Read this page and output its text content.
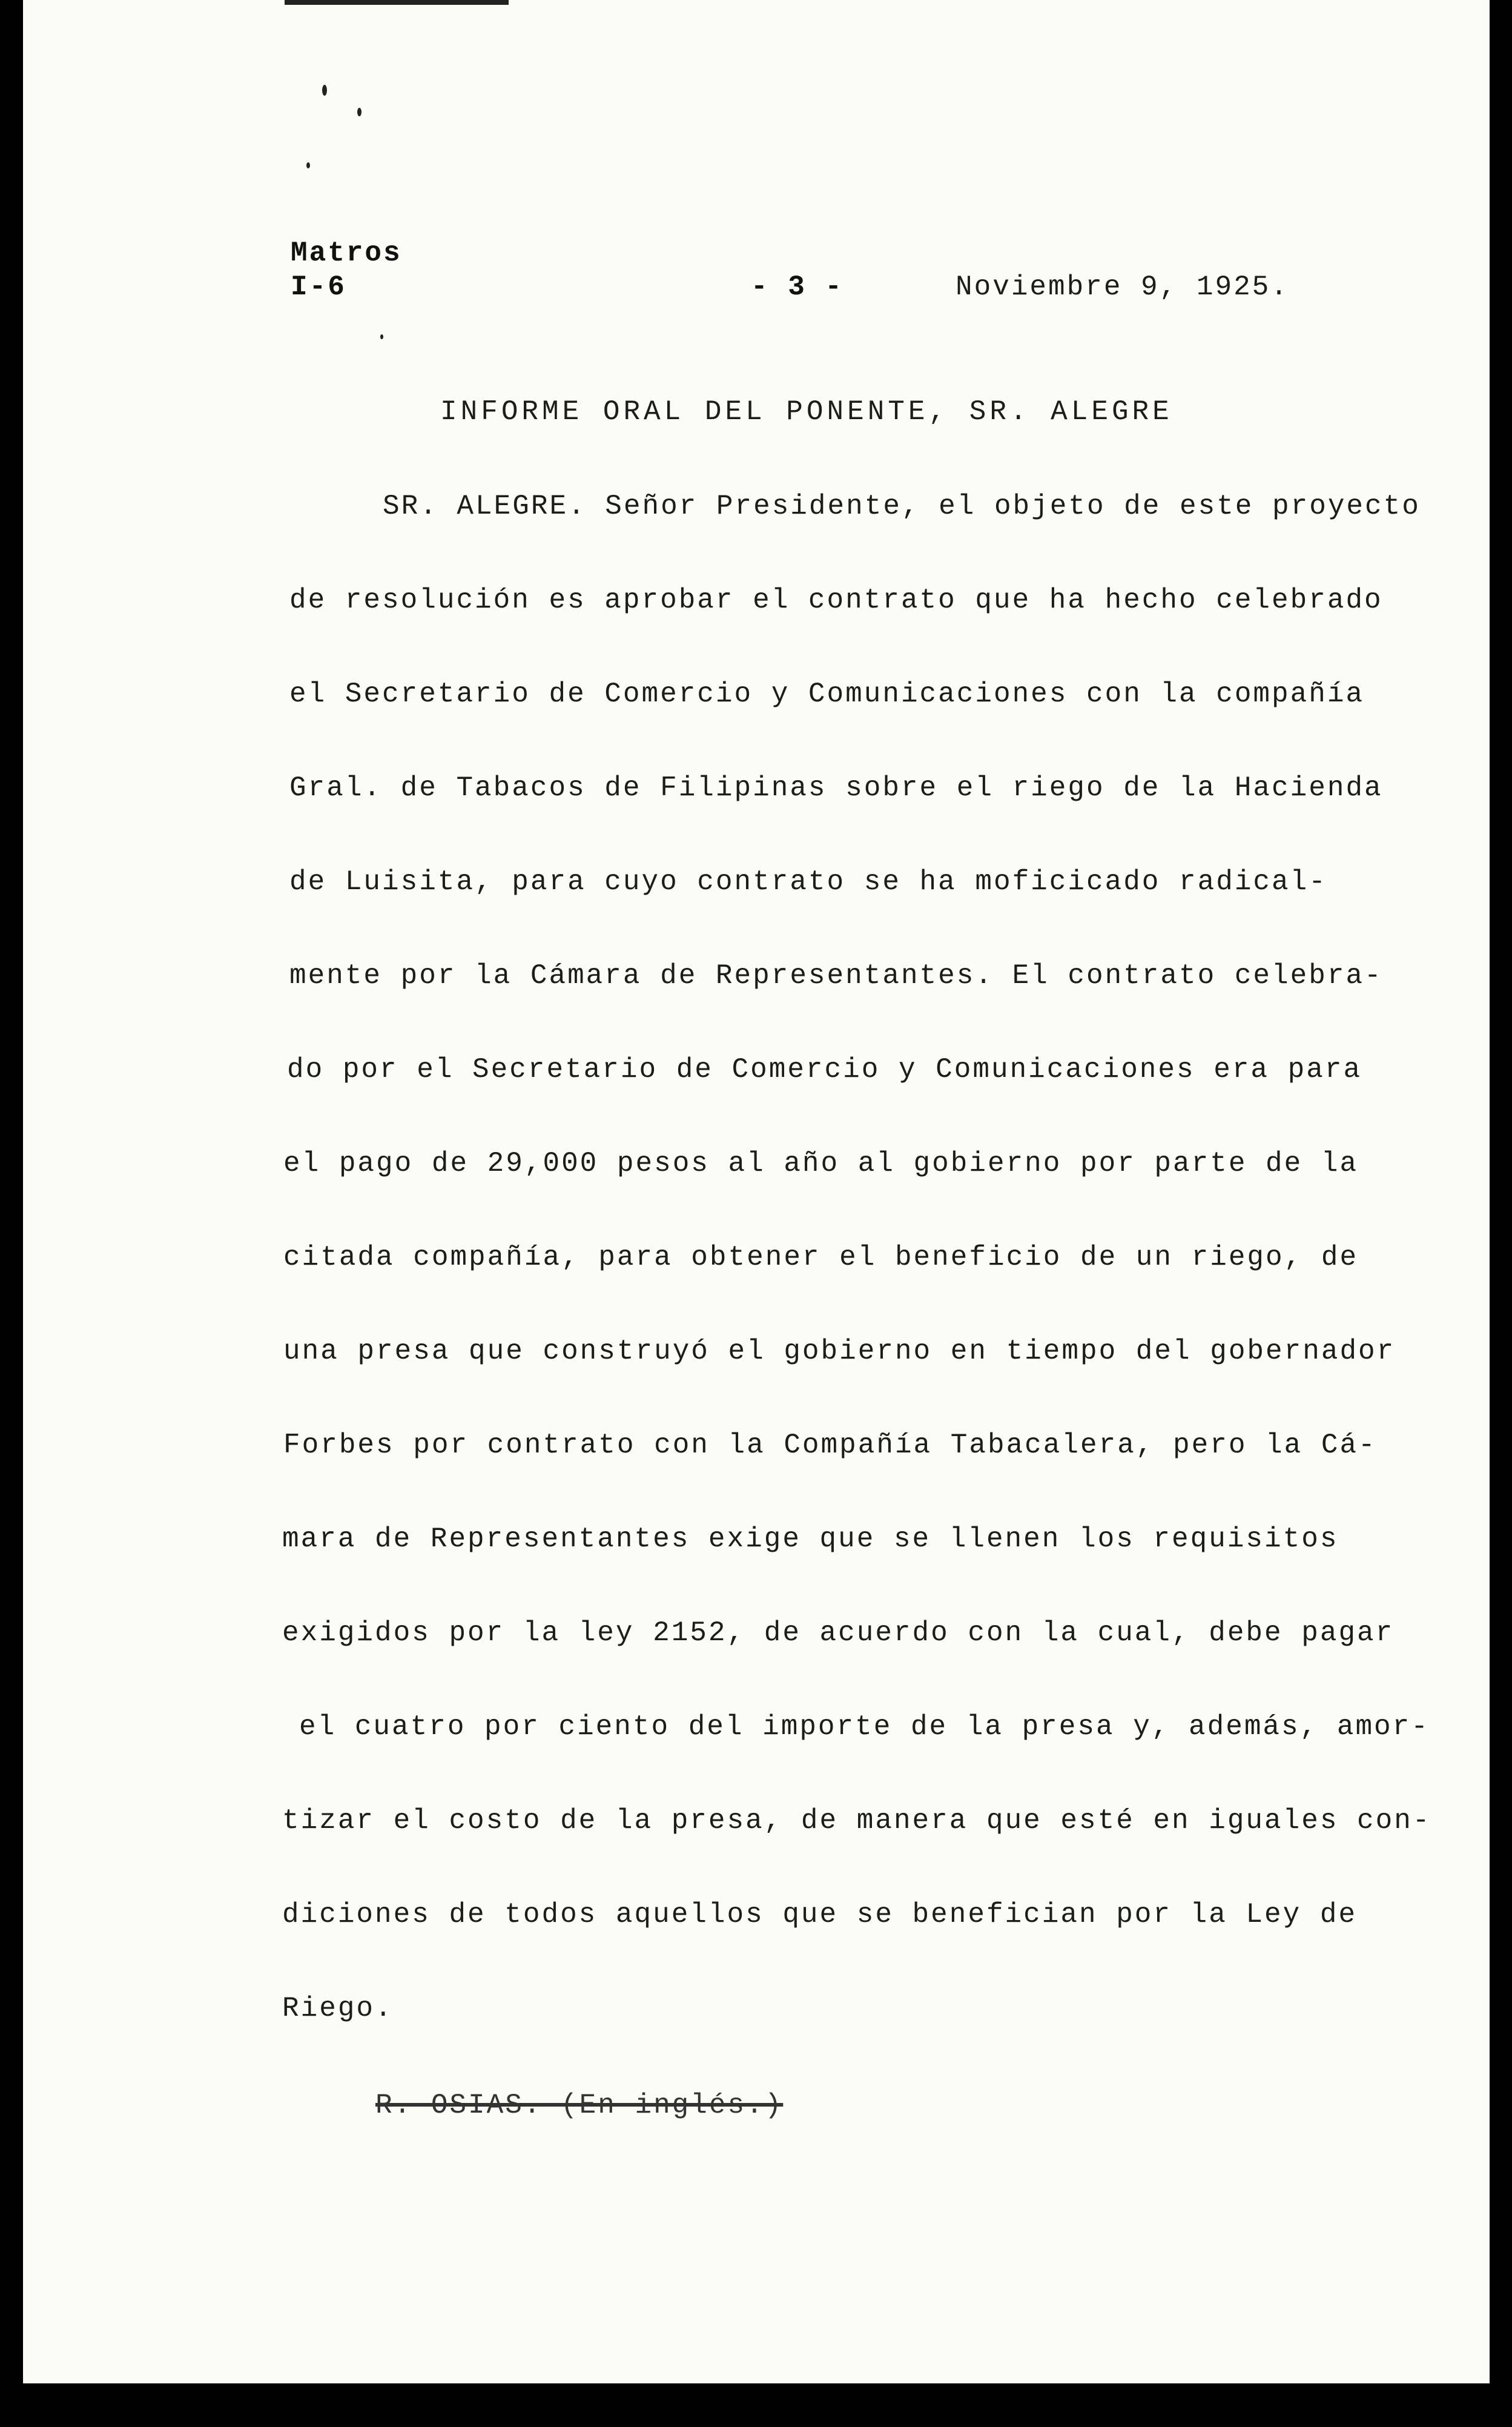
Matros
I-6	- 3 -	Noviembre 9, 1925.
INFORME ORAL DEL PONENTE, SR. ALEGRE
SR. ALEGRE. Señor Presidente, el objeto de este proyecto
de resolución es aprobar el contrato que ha hecho celebrado
el Secretario de Comercio y Comunicaciones con la compañía
Gral. de Tabacos de Filipinas sobre el riego de la Hacienda
de Luisita, para cuyo contrato se ha moficicado radical-
mente por la Cámara de Representantes. El contrato celebra-
do por el Secretario de Comercio y Comunicaciones era para
el pago de 29,000 pesos al año al gobierno por parte de la
citada compañía, para obtener el beneficio de un riego, de
una presa que construyó el gobierno en tiempo del gobernador
Forbes por contrato con la Compañía Tabacalera, pero la Cá-
mara de Representantes exige que se llenen los requisitos
exigidos por la ley 2152, de acuerdo con la cual, debe pagar
el cuatro por ciento del importe de la presa y, además, amor-
tizar el costo de la presa, de manera que esté en iguales con-
diciones de todos aquellos que se benefician por la Ley de
Riego.
R. OSIAS. (En inglés.)
